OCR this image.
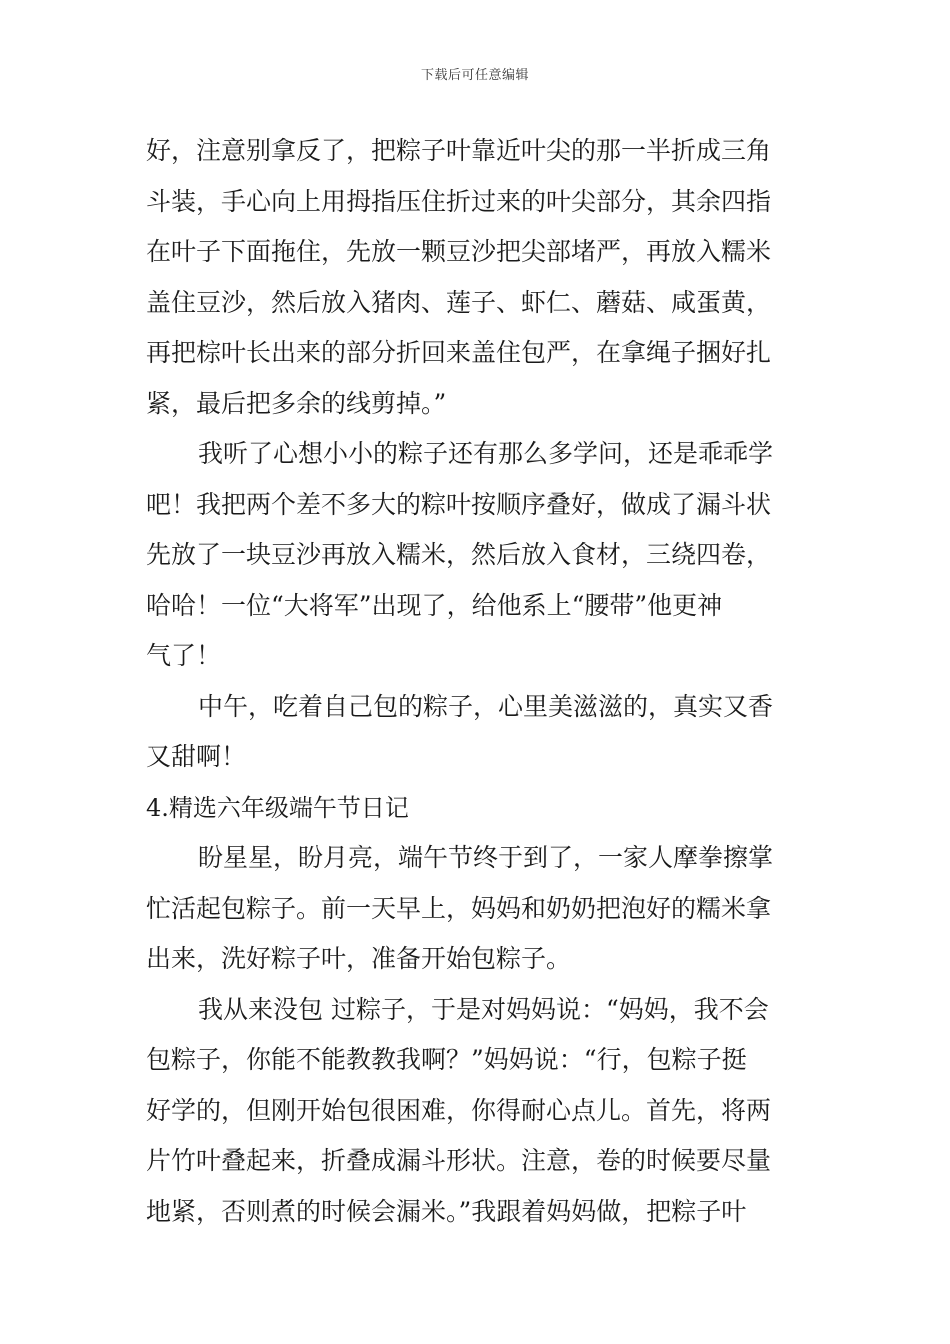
下载后可任意编辑
好，注意别拿反了，把粽子叶靠近叶尖的那一半折成三角
斗装，手心向上用拇指压住折过来的叶尖部分，其余四指
在叶子下面拖住，先放一颗豆沙把尖部堵严，再放入糯米
盖住豆沙，然后放入猪肉、莲子、虾仁、蘑菇、咸蛋黄，
再把棕叶长出来的部分折回来盖住包严，在拿绳子捆好扎
紧，最后把多余的线剪掉。”
我听了心想小小的粽子还有那么多学问，还是乖乖学
吧！我把两个差不多大的粽叶按顺序叠好，做成了漏斗状
先放了一块豆沙再放入糯米，然后放入食材，三绕四卷，
哈哈！一位“大将军”出现了，给他系上“腰带”他更神
气了！
中午，吃着自己包的粽子，心里美滋滋的，真实又香
又甜啊！
4.精选六年级端午节日记
盼星星，盼月亮，端午节终于到了，一家人摩拳擦掌
忙活起包粽子。前一天早上，妈妈和奶奶把泡好的糯米拿
出来，洗好粽子叶，准备开始包粽子。
我从来没包 过粽子，于是对妈妈说：“妈妈，我不会
包粽子，你能不能教教我啊？”妈妈说：“行，包粽子挺
好学的，但刚开始包很困难，你得耐心点儿。首先，将两
片竹叶叠起来，折叠成漏斗形状。注意，卷的时候要尽量
地紧，否则煮的时候会漏米。”我跟着妈妈做，把粽子叶
